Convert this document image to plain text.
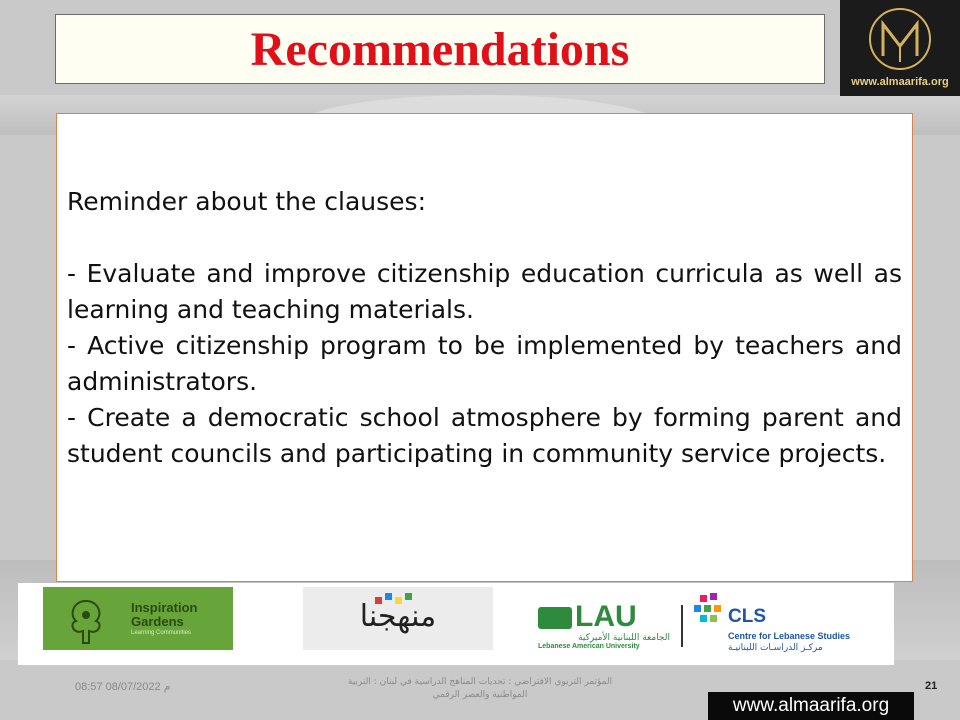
Recommendations
www.almaarifa.org

Reminder about the clauses:

- Evaluate and improve citizenship education curricula as well as learning and teaching materials.

- Active citizenship program to be implemented by teachers and administrators.

- Create a democratic school atmosphere by forming parent and student councils and participating in community service projects.

Inspiration
Gardens
Learning Communities	منهجنا	LAU
الجامعة اللبنانية الأميركية
Lebanese American University
CLS
Centre for Lebanese Studies
مركـز الدراسـات اللبنانيـة
08:57 08/07/2022 م	المؤتمر التربوي الافتراضي : تحديات المناهج الدراسية في لبنان : التربية المواطنية والعصر الرقمي
21
www.almaarifa.org
